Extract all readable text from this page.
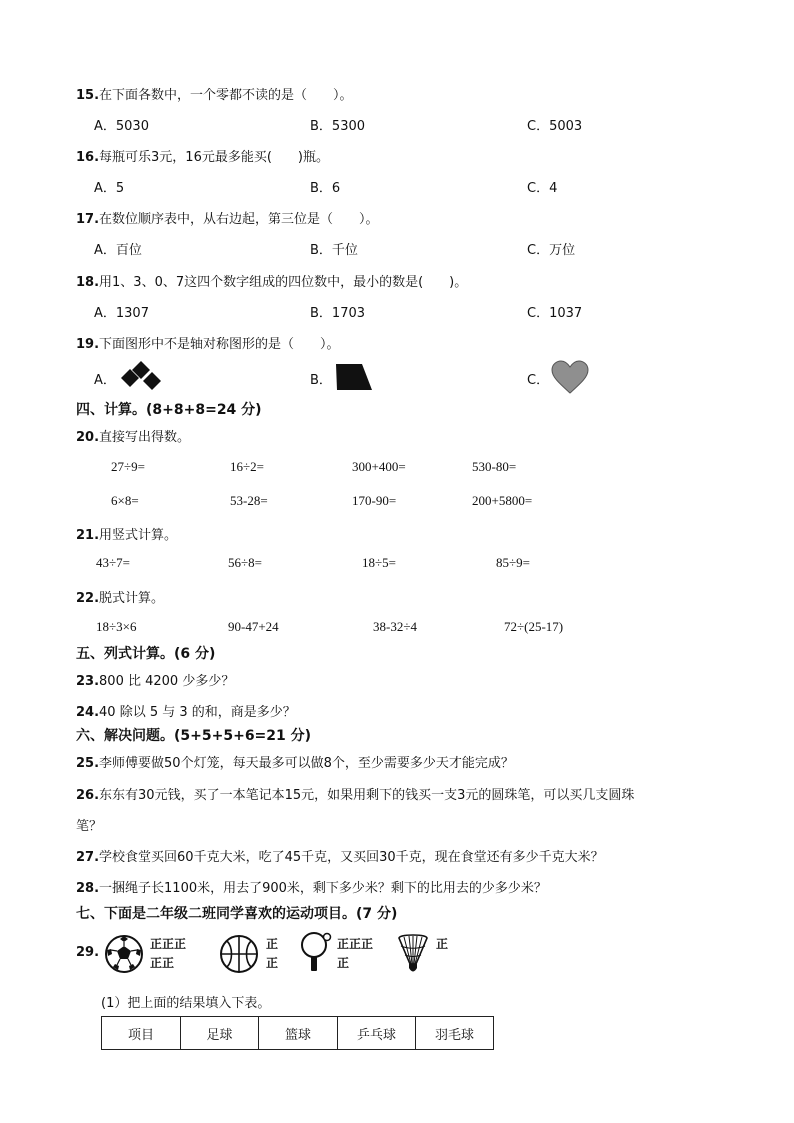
15.在下面各数中，一个零都不读的是（　　）。
A．5030	B．5300	C．5003
16.每瓶可乐3元，16元最多能买(　　)瓶。
A．5	B．6	C．4
17.在数位顺序表中，从右边起，第三位是（　　）。
A．百位	B．千位	C．万位
18.用1、3、0、7这四个数字组成的四位数中，最小的数是(　　)。
A．1307	B．1703	C．1037
19.下面图形中不是轴对称图形的是（　　）。
A．	B．	C．
四、计算。(8+8+8=24 分)
20.直接写出得数。
27÷9=	16÷2=	300+400=	530-80=
6×8=	53-28=	170-90=	200+5800=
21.用竖式计算。
43÷7=	56÷8=	18÷5=	85÷9=
22.脱式计算。
18÷3×6	90-47+24	38-32÷4	72÷(25-17)
五、列式计算。(6 分)
23.800 比 4200 少多少？
24.40 除以 5 与 3 的和，商是多少？
六、解决问题。(5+5+5+6=21 分)
25.李师傅要做50个灯笼，每天最多可以做8个，至少需要多少天才能完成？
26.东东有30元钱，买了一本笔记本15元，如果用剩下的钱买一支3元的圆珠笔，可以买几支圆珠
笔？
27.学校食堂买回60千克大米，吃了45千克，又买回30千克，现在食堂还有多少千克大米？
28.一捆绳子长1100米，用去了900米，剩下多少米？剩下的比用去的少多少米？
七、下面是二年级二班同学喜欢的运动项目。(7 分)
29.
正正正
正正
正
正
正正正
正
正
(1）把上面的结果填入下表。
项目	足球	篮球	乒乓球	羽毛球
